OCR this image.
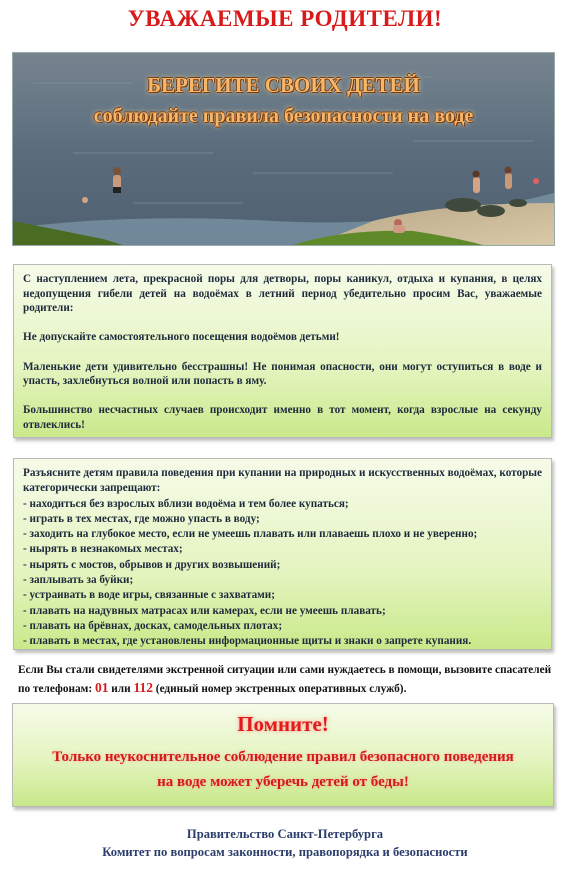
УВАЖАЕМЫЕ РОДИТЕЛИ!
БЕРЕГИТЕ СВОИХ ДЕТЕЙ
соблюдайте правила безопасности на воде

С наступлением лета, прекрасной поры для детворы, поры каникул, отдыха и купания, в целях недопущения гибели детей на водоёмах в летний период убедительно просим Вас, уважаемые родители:

Не допускайте самостоятельного посещения водоёмов детьми!

Маленькие дети удивительно бесстрашны! Не понимая опасности, они могут оступиться в воде и упасть, захлебнуться волной или попасть в яму.

Большинство несчастных случаев происходит именно в тот момент, когда взрослые на секунду отвлеклись!

Разъясните детям правила поведения при купании на природных и искусственных водоёмах, которые категорически запрещают:

- находиться без взрослых вблизи водоёма и тем более купаться;

- играть в тех местах, где можно упасть в воду;

- заходить на глубокое место, если не умеешь плавать или плаваешь плохо и не уверенно;

- нырять в незнакомых местах;

- нырять с мостов, обрывов и других возвышений;

- заплывать за буйки;

- устраивать в воде игры, связанные с захватами;

- плавать на надувных матрасах или камерах, если не умеешь плавать;

- плавать на брёвнах, досках, самодельных плотах;

- плавать в местах, где установлены информационные щиты и знаки о запрете купания.

Если Вы стали свидетелями экстренной ситуации или сами нуждаетесь в помощи, вызовите спасателей по телефонам: 01 или 112 (единый номер экстренных оперативных служб).
Помните!
Только неукоснительное соблюдение правил безопасного поведения
на воде может уберечь детей от беды!
Правительство Санкт-Петербурга
Комитет по вопросам законности, правопорядка и безопасности
